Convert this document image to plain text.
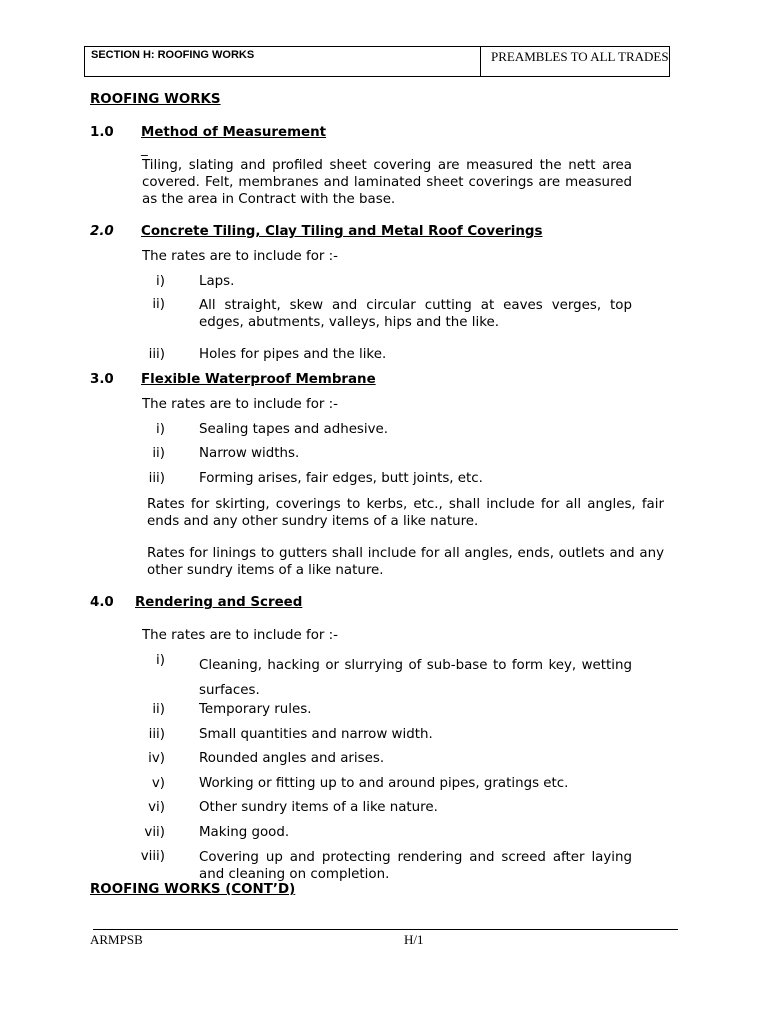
SECTION H: ROOFING WORKS	PREAMBLES TO ALL TRADES
ROOFING WORKS
1.0 Method of Measurement
_
Tiling, slating and profiled sheet covering are measured the nett area covered. Felt, membranes and laminated sheet coverings are measured as the area in Contract with the base.
2.0 Concrete Tiling, Clay Tiling and Metal Roof Coverings
The rates are to include for :-
i)	Laps.
ii)	All straight, skew and circular cutting at eaves verges, top edges, abutments, valleys, hips and the like.
iii)	Holes for pipes and the like.
3.0 Flexible Waterproof Membrane
The rates are to include for :-
i)	Sealing tapes and adhesive.
ii)	Narrow widths.
iii)	Forming arises, fair edges, butt joints, etc.
Rates for skirting, coverings to kerbs, etc., shall include for all angles, fair ends and any other sundry items of a like nature.
Rates for linings to gutters shall include for all angles, ends, outlets and any other sundry items of a like nature.
4.0 Rendering and Screed
The rates are to include for :-
i)	Cleaning, hacking or slurrying of sub-base to form key, wetting surfaces.
ii)	Temporary rules.
iii)	Small quantities and narrow width.
iv)	Rounded angles and arises.
v)	Working or fitting up to and around pipes, gratings etc.
vi)	Other sundry items of a like nature.
vii)	Making good.
viii)	Covering up and protecting rendering and screed after laying and cleaning on completion.
ROOFING WORKS (CONT’D)
ARMPSB	H/1
